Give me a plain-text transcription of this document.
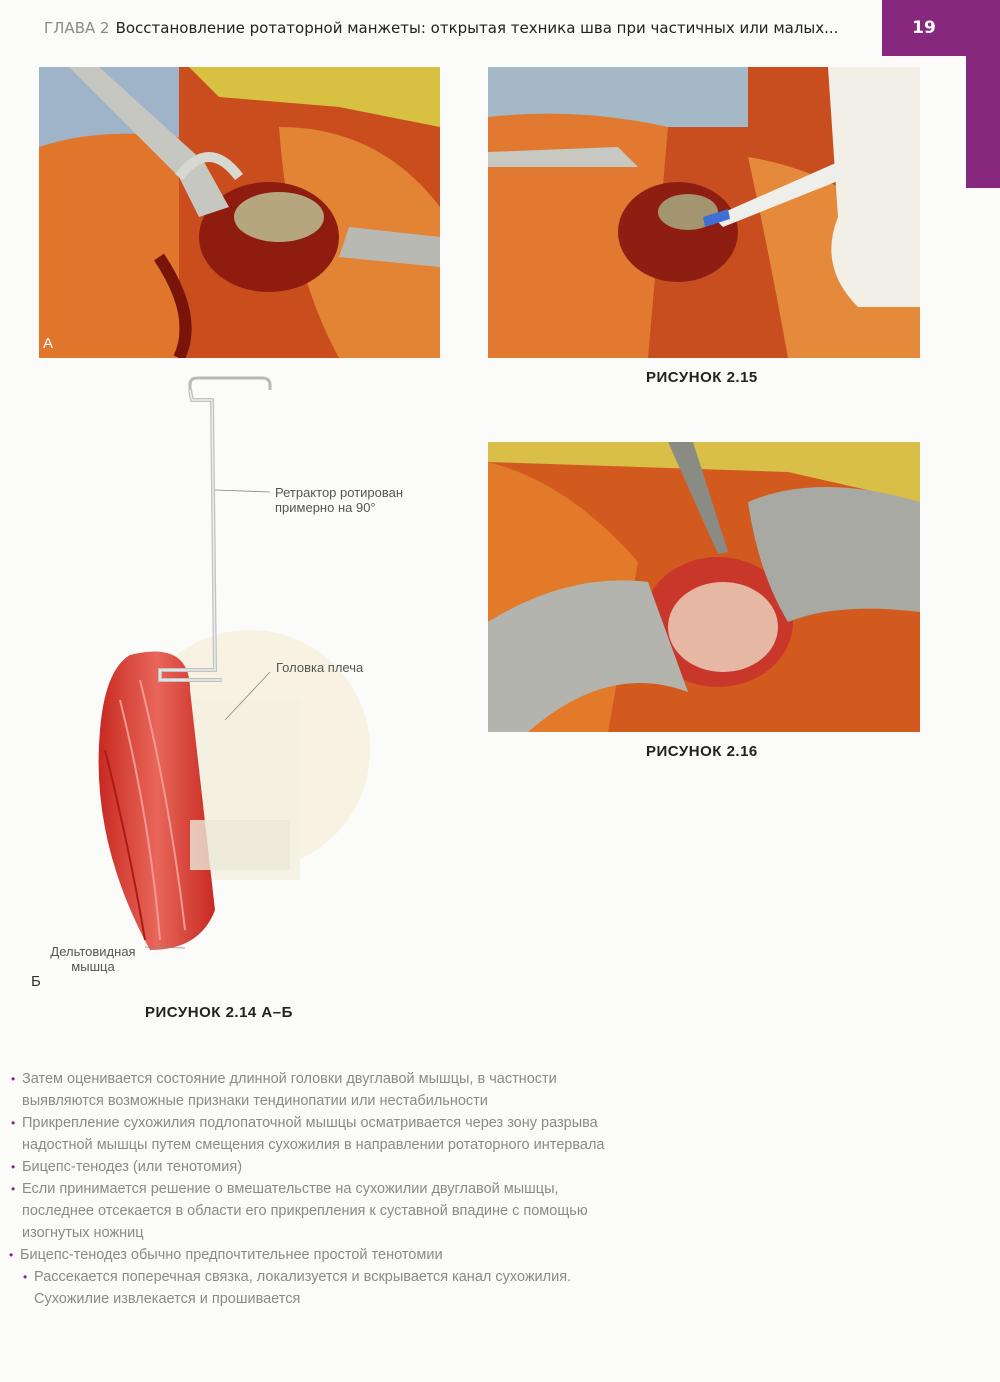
ГЛАВА 2 Восстановление ротаторной манжеты: открытая техника шва при частичных или малых...	19
А
РИСУНОК 2.15
РИСУНОК 2.16
Ретрактор ротирован
примерно на 90°
Головка плеча
Дельтовидная
мышца
Б
РИСУНОК 2.14 А–Б
• Затем оценивается состояние длинной головки двуглавой мышцы, в частности выявляются возможные признаки тендинопатии или нестабильности
• Прикрепление сухожилия подлопаточной мышцы осматривается через зону разрыва надостной мышцы путем смещения сухожилия в направлении ротаторного интервала
• Бицепс-тенодез (или тенотомия)
• Если принимается решение о вмешательстве на сухожилии двуглавой мышцы, последнее отсекается в области его прикрепления к суставной впадине с помощью изогнутых ножниц
• Бицепс-тенодез обычно предпочтительнее простой тенотомии
• Рассекается поперечная связка, локализуется и вскрывается канал сухожилия. Сухожилие извлекается и прошивается
